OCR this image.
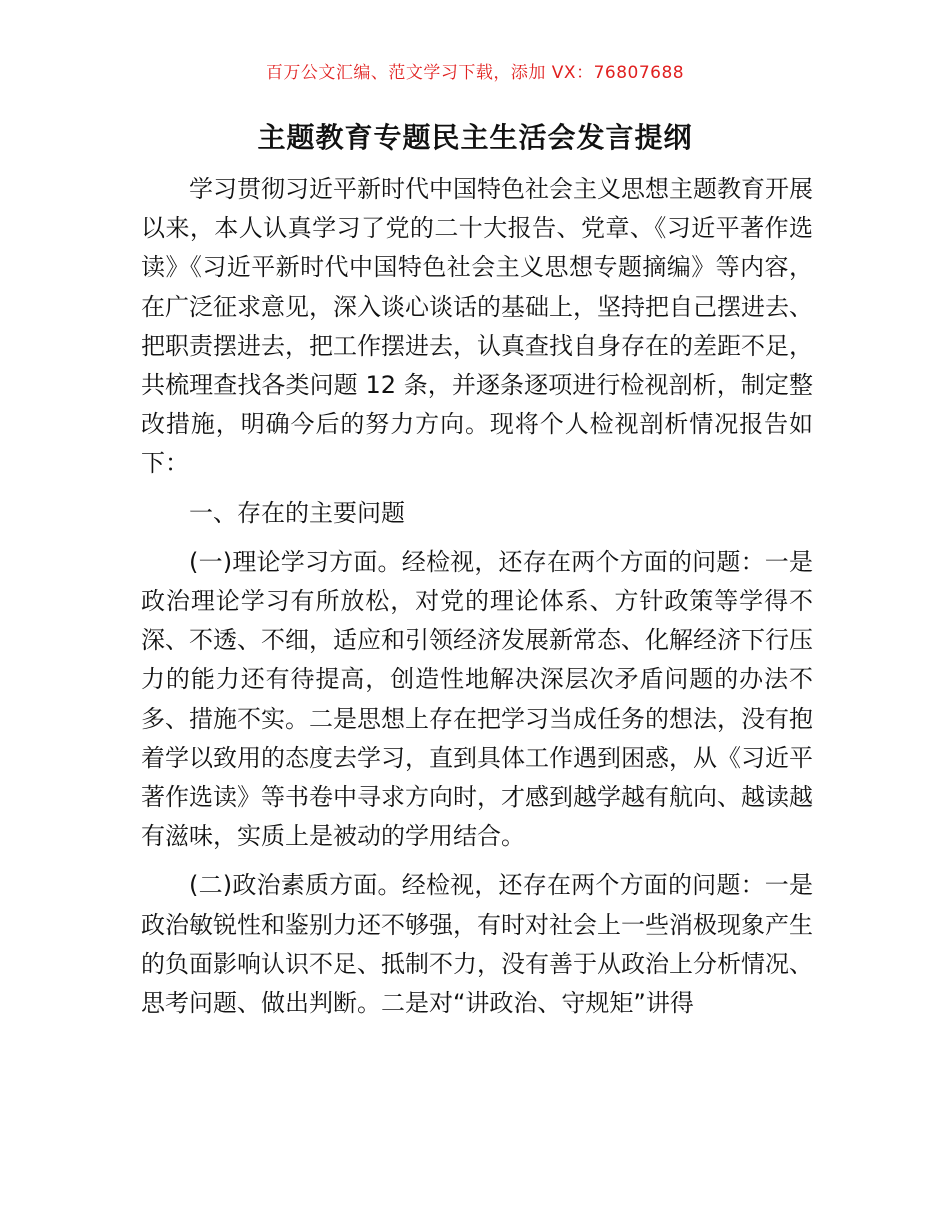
百万公文汇编、范文学习下载，添加 VX：76807688
主题教育专题民主生活会发言提纲

学习贯彻习近平新时代中国特色社会主义思想主题教育开展以来，本人认真学习了党的二十大报告、党章、《习近平著作选读》《习近平新时代中国特色社会主义思想专题摘编》等内容，在广泛征求意见，深入谈心谈话的基础上，坚持把自己摆进去、把职责摆进去，把工作摆进去，认真查找自身存在的差距不足，共梳理查找各类问题 12 条，并逐条逐项进行检视剖析，制定整改措施，明确今后的努力方向。现将个人检视剖析情况报告如下：

一、存在的主要问题

(一)理论学习方面。经检视，还存在两个方面的问题：一是政治理论学习有所放松，对党的理论体系、方针政策等学得不深、不透、不细，适应和引领经济发展新常态、化解经济下行压力的能力还有待提高，创造性地解决深层次矛盾问题的办法不多、措施不实。二是思想上存在把学习当成任务的想法，没有抱着学以致用的态度去学习，直到具体工作遇到困惑，从《习近平著作选读》等书卷中寻求方向时，才感到越学越有航向、越读越有滋味，实质上是被动的学用结合。

(二)政治素质方面。经检视，还存在两个方面的问题：一是政治敏锐性和鉴别力还不够强，有时对社会上一些消极现象产生的负面影响认识不足、抵制不力，没有善于从政治上分析情况、思考问题、做出判断。二是对“讲政治、守规矩”讲得
